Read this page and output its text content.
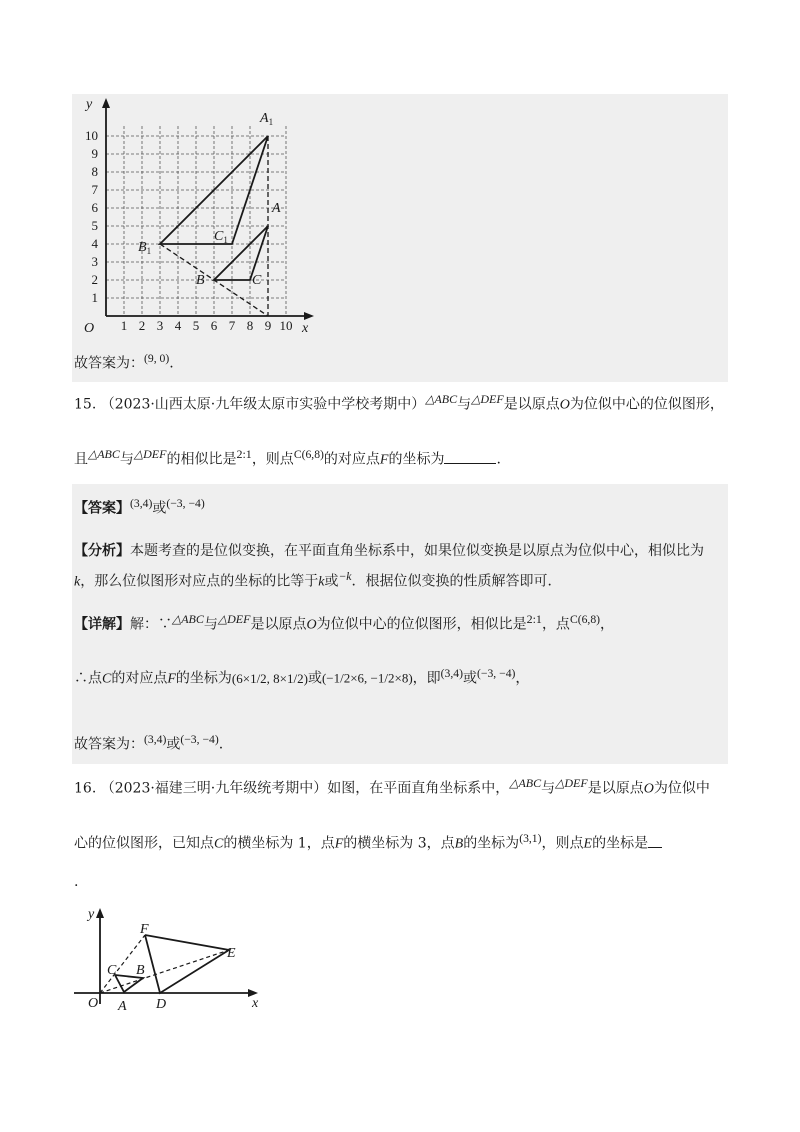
1 2 3 4 5 6 7 8 9 10
1
2
3
4
5
6
7
8
9
10
O	x
y
$A_1$
$B_1$
$C_1$
A
B	C
故答案为：$^{(9, 0)}$.
15. （2023·山西太原·九年级太原市实验中学校考期中）$^{\triangle ABC}$与$^{\triangle DEF}$是以原点O为位似中心的位似图形，
且$^{\triangle ABC}$与$^{\triangle DEF}$的相似比是$^{2:1}$，则点$^{C(6,8)}$的对应点F的坐标为	.
【答案】$^{(3,4)}$或$^{(-3, -4)}$
【分析】本题考查的是位似变换，在平面直角坐标系中，如果位似变换是以原点为位似中心，相似比为
k，那么位似图形对应点的坐标的比等于k或$^{-k}$．根据位似变换的性质解答即可．
【详解】解：∵$^{\triangle ABC}$与$^{\triangle DEF}$是以原点O为位似中心的位似图形，相似比是$^{2:1}$，点$^{C(6,8)}$，
∴点C的对应点F的坐标为(6×1/2, 8×1/2)或(−1/2×6, −1/2×8)，即$^{(3,4)}$或$^{(-3, -4)}$，
故答案为：$^{(3,4)}$或$^{(-3, -4)}$.
16. （2023·福建三明·九年级统考期中）如图，在平面直角坐标系中，$^{\triangle ABC}$与$^{\triangle DEF}$是以原点O为位似中
心的位似图形，已知点C的横坐标为 1，点F的横坐标为 3，点B的坐标为$^{(3,1)}$，则点E的坐标是
.
y
x
O A
B
C
D
E
F
